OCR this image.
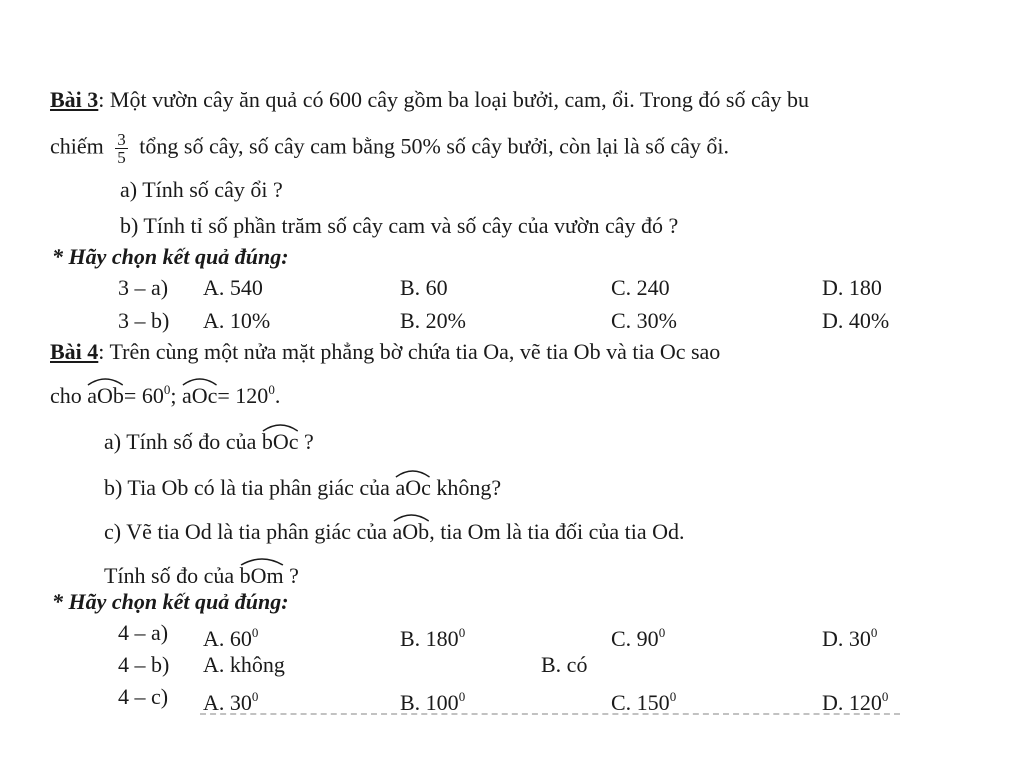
Bài 3: Một vườn cây ăn quả có 600 cây gồm ba loại bưởi, cam, ổi. Trong đó số cây bu
chiếm $\frac{3}{5}$ tổng số cây, số cây cam bằng 50% số cây bưởi, còn lại là số cây ổi.
a) Tính số cây ổi ?
b) Tính tỉ số phần trăm số cây cam và số cây của vườn cây đó ?
* Hãy chọn kết quả đúng:
3 – a) A. 540	B. 60	C. 240	D. 180
3 – b) A. 10%	B. 20%	C. 30%	D. 40%
Bài 4: Trên cùng một nửa mặt phẳng bờ chứa tia Oa, vẽ tia Ob và tia Oc sao
cho $aOb= 60^0$; $aOc= 120^0$.
a) Tính số đo của bOc ?
b) Tia Ob có là tia phân giác của aOc không?
c) Vẽ tia Od là tia phân giác của aOb, tia Om là tia đối của tia Od.
Tính số đo của bOm ?
* Hãy chọn kết quả đúng:
4 – a) A. $60^0$	B. $180^0$	C. $90^0$	D. $30^0$
4 – b) A. không	B. có
4 – c) A. $30^0$	B. $100^0$	C. $150^0$	D. $120^0$
